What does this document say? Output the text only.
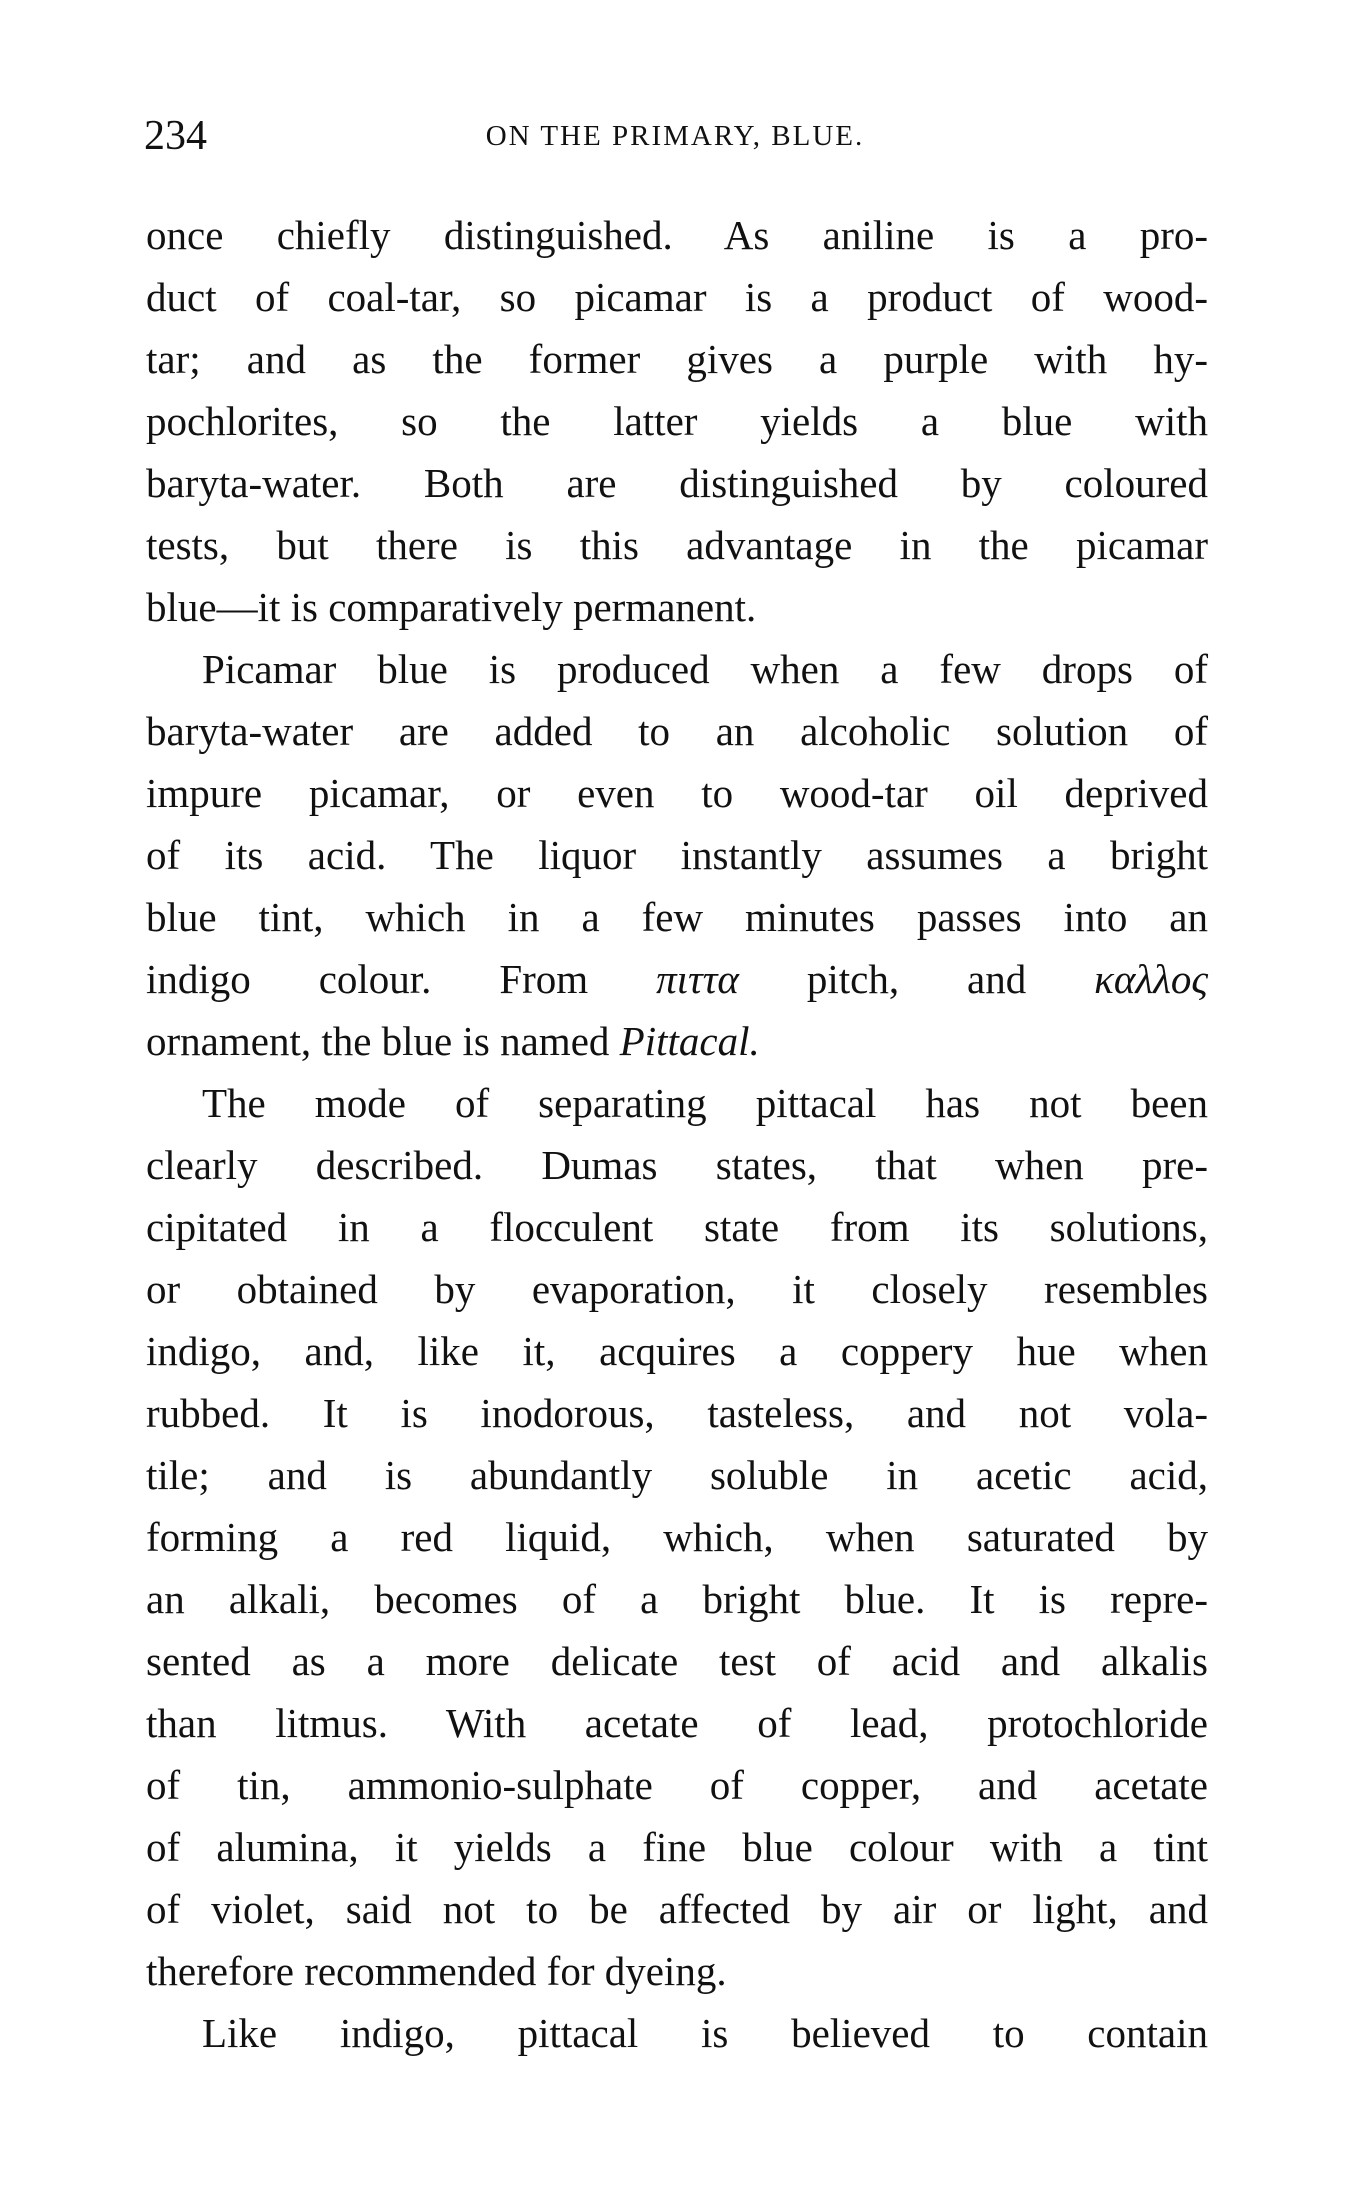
234	ON THE PRIMARY, BLUE.
once chiefly distinguished. As aniline is a pro-
duct of coal-tar, so picamar is a product of wood-
tar; and as the former gives a purple with hy-
pochlorites, so the latter yields a blue with
baryta-water. Both are distinguished by coloured
tests, but there is this advantage in the picamar
blue—it is comparatively permanent.
Picamar blue is produced when a few drops of
baryta-water are added to an alcoholic solution of
impure picamar, or even to wood-tar oil deprived
of its acid. The liquor instantly assumes a bright
blue tint, which in a few minutes passes into an
indigo colour. From πιττα pitch, and καλλος
ornament, the blue is named Pittacal.
The mode of separating pittacal has not been
clearly described. Dumas states, that when pre-
cipitated in a flocculent state from its solutions,
or obtained by evaporation, it closely resembles
indigo, and, like it, acquires a coppery hue when
rubbed. It is inodorous, tasteless, and not vola-
tile; and is abundantly soluble in acetic acid,
forming a red liquid, which, when saturated by
an alkali, becomes of a bright blue. It is repre-
sented as a more delicate test of acid and alkalis
than litmus. With acetate of lead, protochloride
of tin, ammonio-sulphate of copper, and acetate
of alumina, it yields a fine blue colour with a tint
of violet, said not to be affected by air or light, and
therefore recommended for dyeing.
Like indigo, pittacal is believed to contain
